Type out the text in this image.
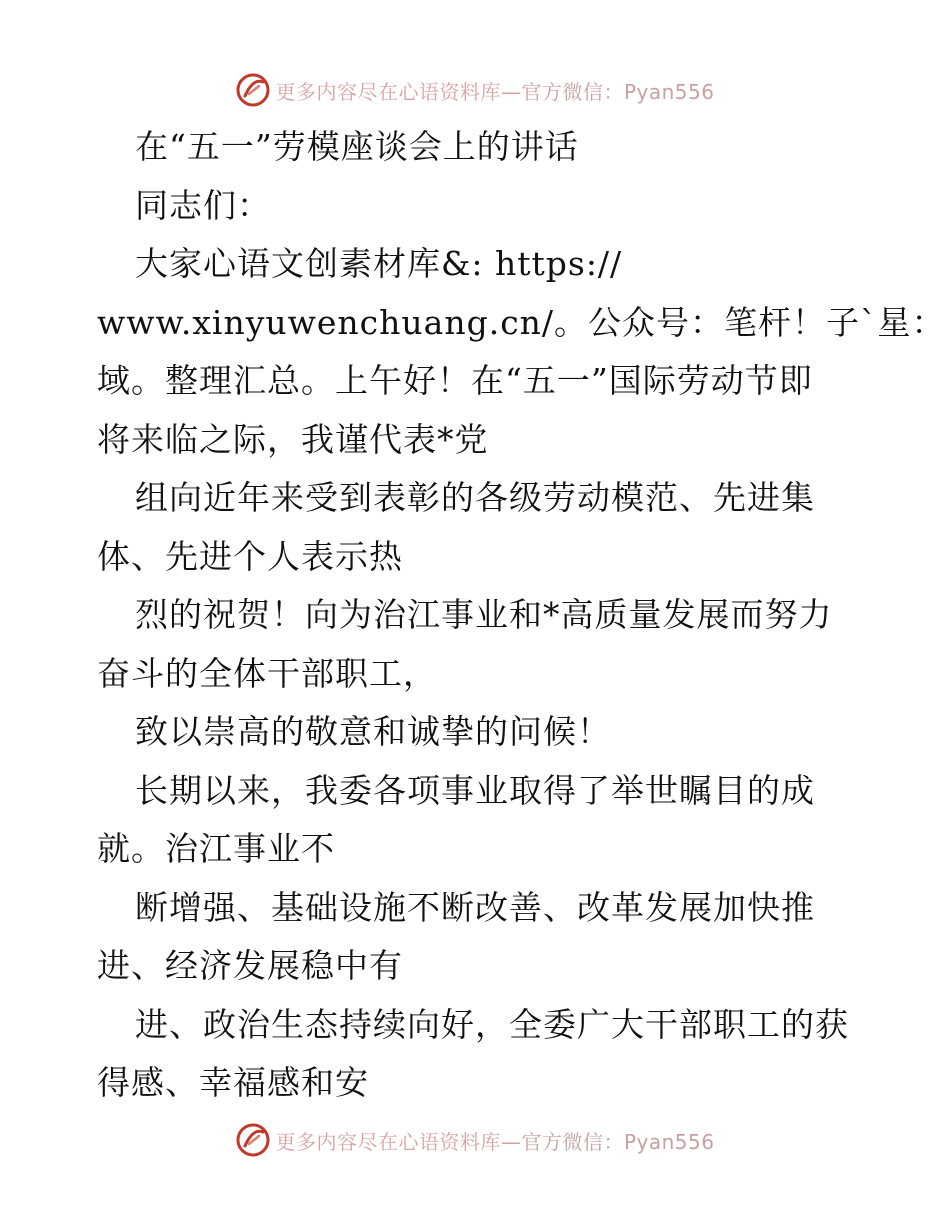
更多内容尽在心语资料库—官方微信：Pyan556
在“五一”劳模座谈会上的讲话
同志们：
大家心语文创素材库&: https://
www.xinyuwenchuang.cn/。公众号：笔杆！子`星：
域。整理汇总。上午好！在“五一”国际劳动节即
将来临之际，我谨代表*党
组向近年来受到表彰的各级劳动模范、先进集
体、先进个人表示热
烈的祝贺！向为治江事业和*高质量发展而努力
奋斗的全体干部职工，
致以崇高的敬意和诚挚的问候！
长期以来，我委各项事业取得了举世瞩目的成
就。治江事业不
断增强、基础设施不断改善、改革发展加快推
进、经济发展稳中有
进、政治生态持续向好，全委广大干部职工的获
得感、幸福感和安
更多内容尽在心语资料库—官方微信：Pyan556
